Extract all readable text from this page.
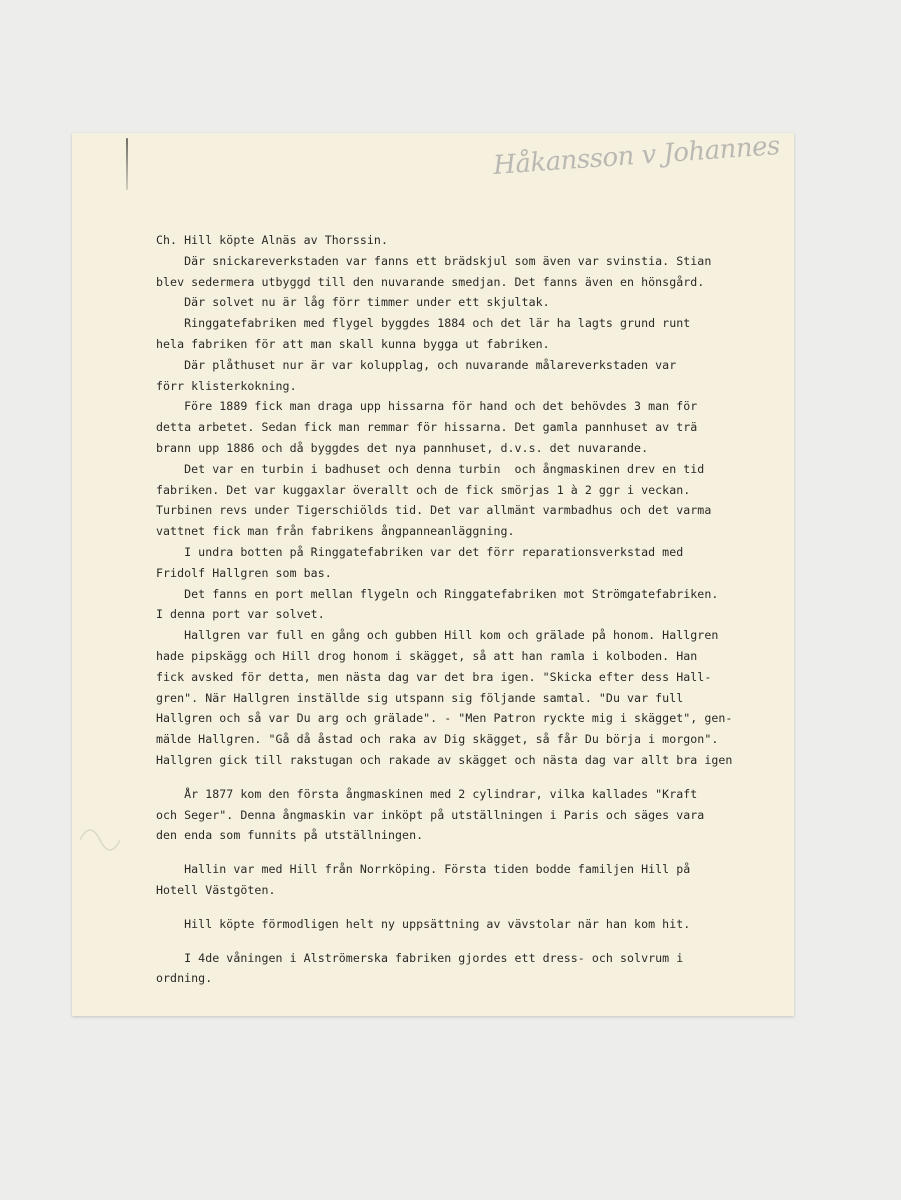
Håkansson v Johannes
Ch. Hill köpte Alnäs av Thorssin.
Där snickareverkstaden var fanns ett brädskjul som även var svinstia. Stian
blev sedermera utbyggd till den nuvarande smedjan. Det fanns även en hönsgård.
Där solvet nu är låg förr timmer under ett skjultak.
Ringgatefabriken med flygel byggdes 1884 och det lär ha lagts grund runt
hela fabriken för att man skall kunna bygga ut fabriken.
Där plåthuset nur är var kolupplag, och nuvarande målareverkstaden var
förr klisterkokning.
Före 1889 fick man draga upp hissarna för hand och det behövdes 3 man för
detta arbetet. Sedan fick man remmar för hissarna. Det gamla pannhuset av trä
brann upp 1886 och då byggdes det nya pannhuset, d.v.s. det nuvarande.
Det var en turbin i badhuset och denna turbin  och ångmaskinen drev en tid
fabriken. Det var kuggaxlar överallt och de fick smörjas 1 à 2 ggr i veckan.
Turbinen revs under Tigerschiölds tid. Det var allmänt varmbadhus och det varma
vattnet fick man från fabrikens ångpanneanläggning.
I undra botten på Ringgatefabriken var det förr reparationsverkstad med
Fridolf Hallgren som bas.
Det fanns en port mellan flygeln och Ringgatefabriken mot Strömgatefabriken.
I denna port var solvet.
Hallgren var full en gång och gubben Hill kom och grälade på honom. Hallgren
hade pipskägg och Hill drog honom i skägget, så att han ramla i kolboden. Han
fick avsked för detta, men nästa dag var det bra igen. "Skicka efter dess Hall-
gren". När Hallgren inställde sig utspann sig följande samtal. "Du var full
Hallgren och så var Du arg och grälade". - "Men Patron ryckte mig i skägget", gen-
mälde Hallgren. "Gå då åstad och raka av Dig skägget, så får Du börja i morgon".
Hallgren gick till rakstugan och rakade av skägget och nästa dag var allt bra igen
År 1877 kom den första ångmaskinen med 2 cylindrar, vilka kallades "Kraft
och Seger". Denna ångmaskin var inköpt på utställningen i Paris och säges vara
den enda som funnits på utställningen.
Hallin var med Hill från Norrköping. Första tiden bodde familjen Hill på
Hotell Västgöten.
Hill köpte förmodligen helt ny uppsättning av vävstolar när han kom hit.
I 4de våningen i Alströmerska fabriken gjordes ett dress- och solvrum i
ordning.
